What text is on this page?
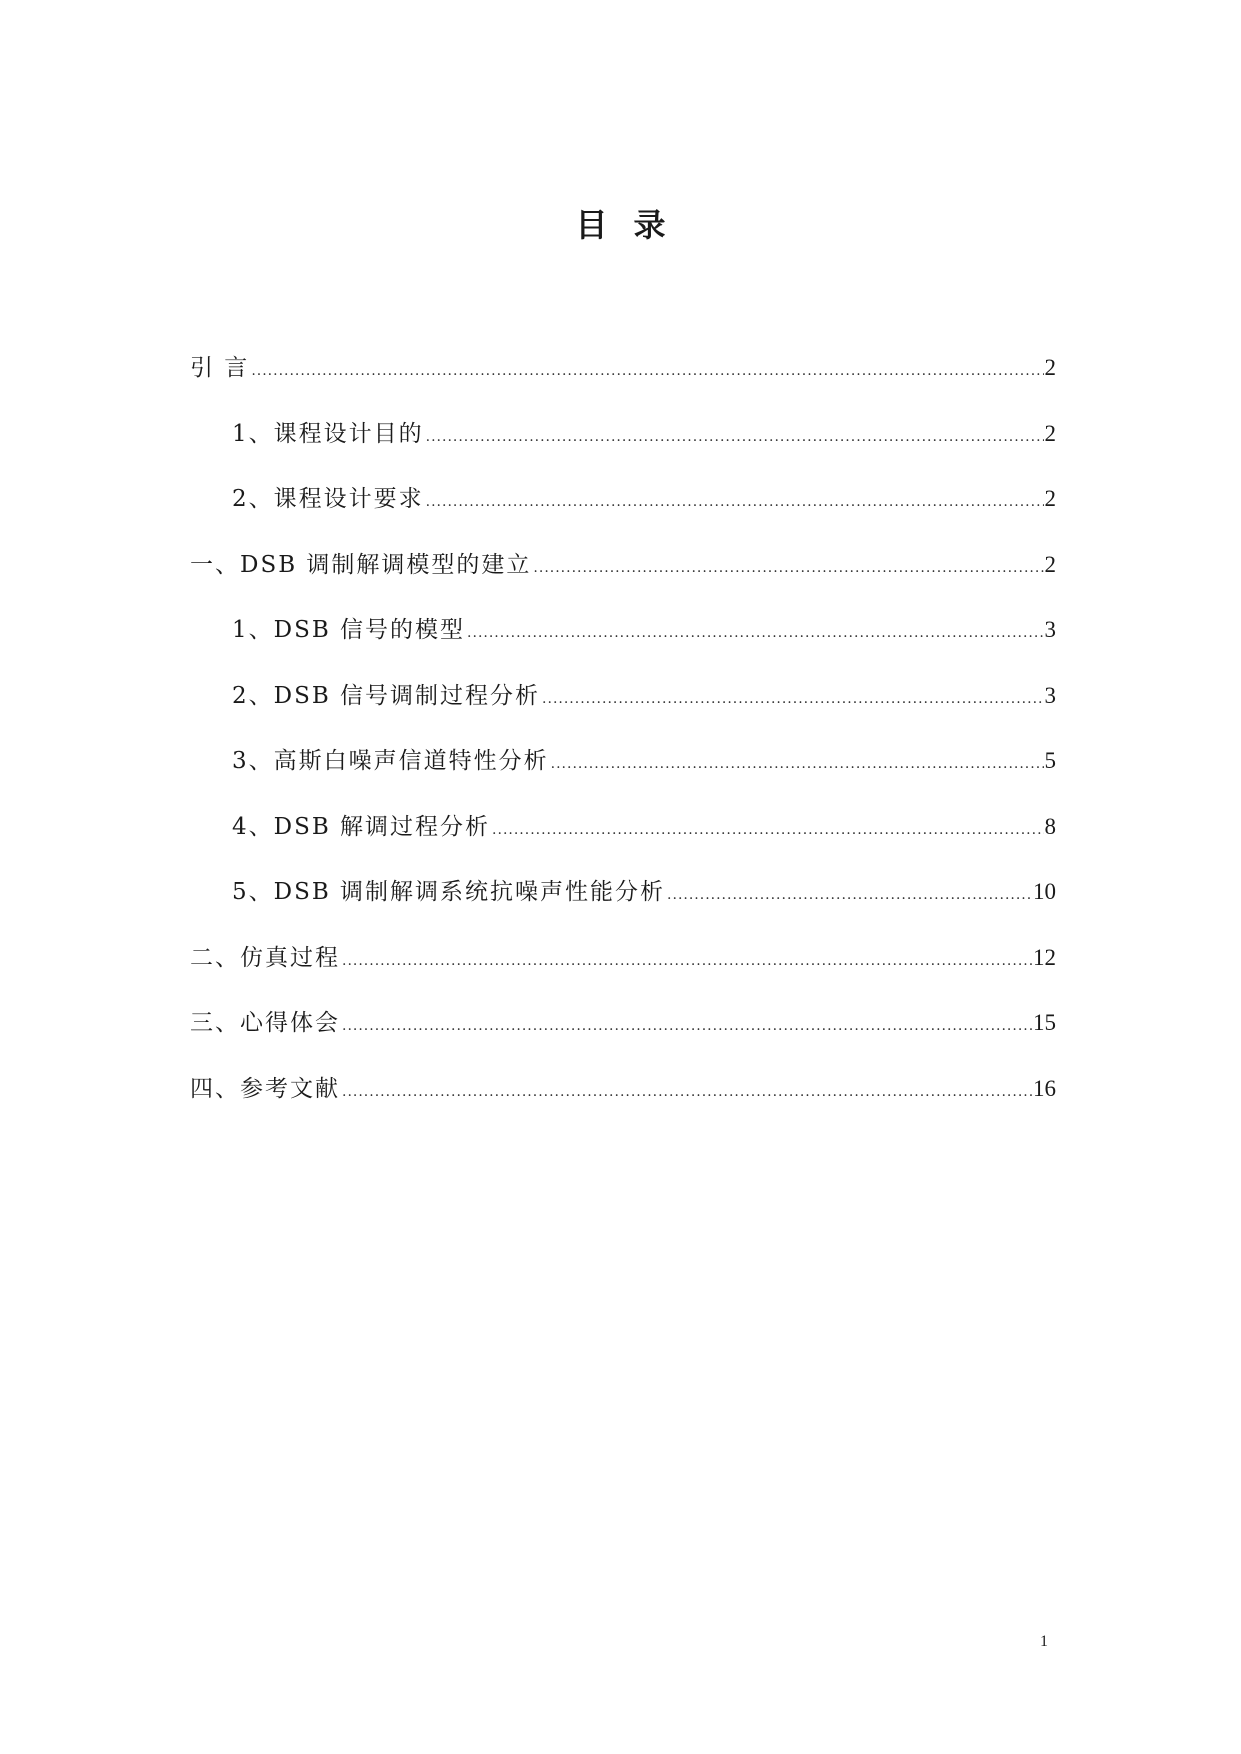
目录
引 言 .....	2
1、课程设计目的 .....	2
2、课程设计要求 .....	2
一、DSB 调制解调模型的建立 .....	2
1、DSB 信号的模型 .....	3
2、DSB 信号调制过程分析 .....	3
3、高斯白噪声信道特性分析 .....	5
4、DSB 解调过程分析 .....	8
5、DSB 调制解调系统抗噪声性能分析 .....	10
二、仿真过程 .....	12
三、心得体会 .....	15
四、参考文献 .....	16
1
